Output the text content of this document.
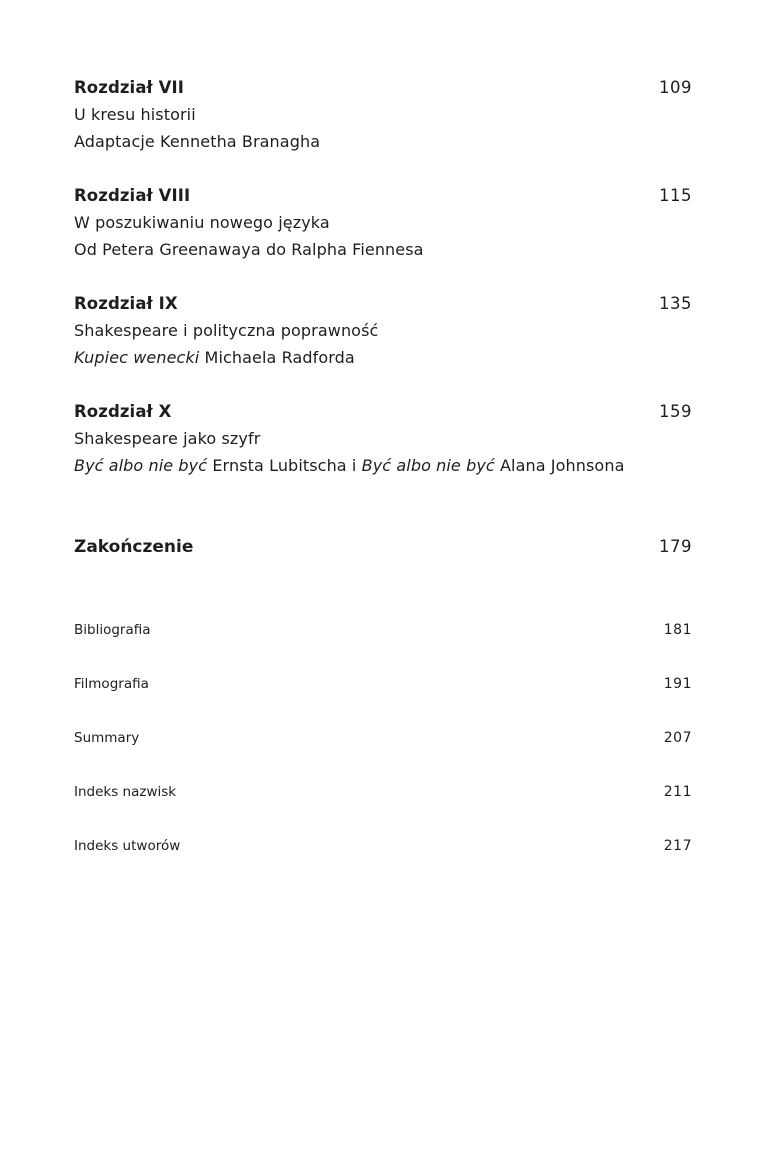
Rozdział VII	109
U kresu historii
Adaptacje Kennetha Branagha
Rozdział VIII	115
W poszukiwaniu nowego języka
Od Petera Greenawaya do Ralpha Fiennesa
Rozdział IX	135
Shakespeare i polityczna poprawność
Kupiec wenecki Michaela Radforda
Rozdział X	159
Shakespeare jako szyfr
Być albo nie być Ernsta Lubitscha i Być albo nie być Alana Johnsona
Zakończenie	179
Bibliografia	181
Filmografia	191
Summary	207
Indeks nazwisk	211
Indeks utworów	217
